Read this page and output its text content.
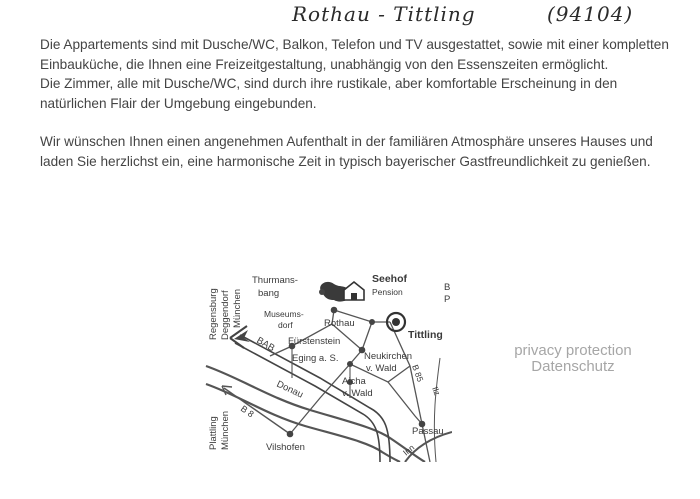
Rothau - Tittling	(94104)

Die Appartements sind mit Dusche/WC, Balkon, Telefon und TV ausgestattet, sowie mit einer kompletten Einbauküche, die Ihnen eine Freizeitgestaltung, unabhängig von den Essenszeiten ermöglicht.

Die Zimmer, alle mit Dusche/WC, sind durch ihre rustikale, aber komfortable Erscheinung in den natürlichen Flair der Umgebung eingebunden.

Wir wünschen Ihnen einen angenehmen Aufenthalt in der familiären Atmosphäre unseres Hauses und laden Sie herzlichst ein, eine harmonische Zeit in typisch bayerischer Gastfreundlichkeit zu genießen.

Regensburg Deggendorf München
Thurmans-
bang
Seehof
Pension
Museums-
dorf	Rothau
Tittling
Fürstenstein
BAB
Eging a. S.	Neukirchen
v. Wald
Aicha
v. Wald
B 85
Ilz
Donau
B 8
Plattling München	Passau
Inn
Vilshofen
B
P
privacy protection
Datenschutz
